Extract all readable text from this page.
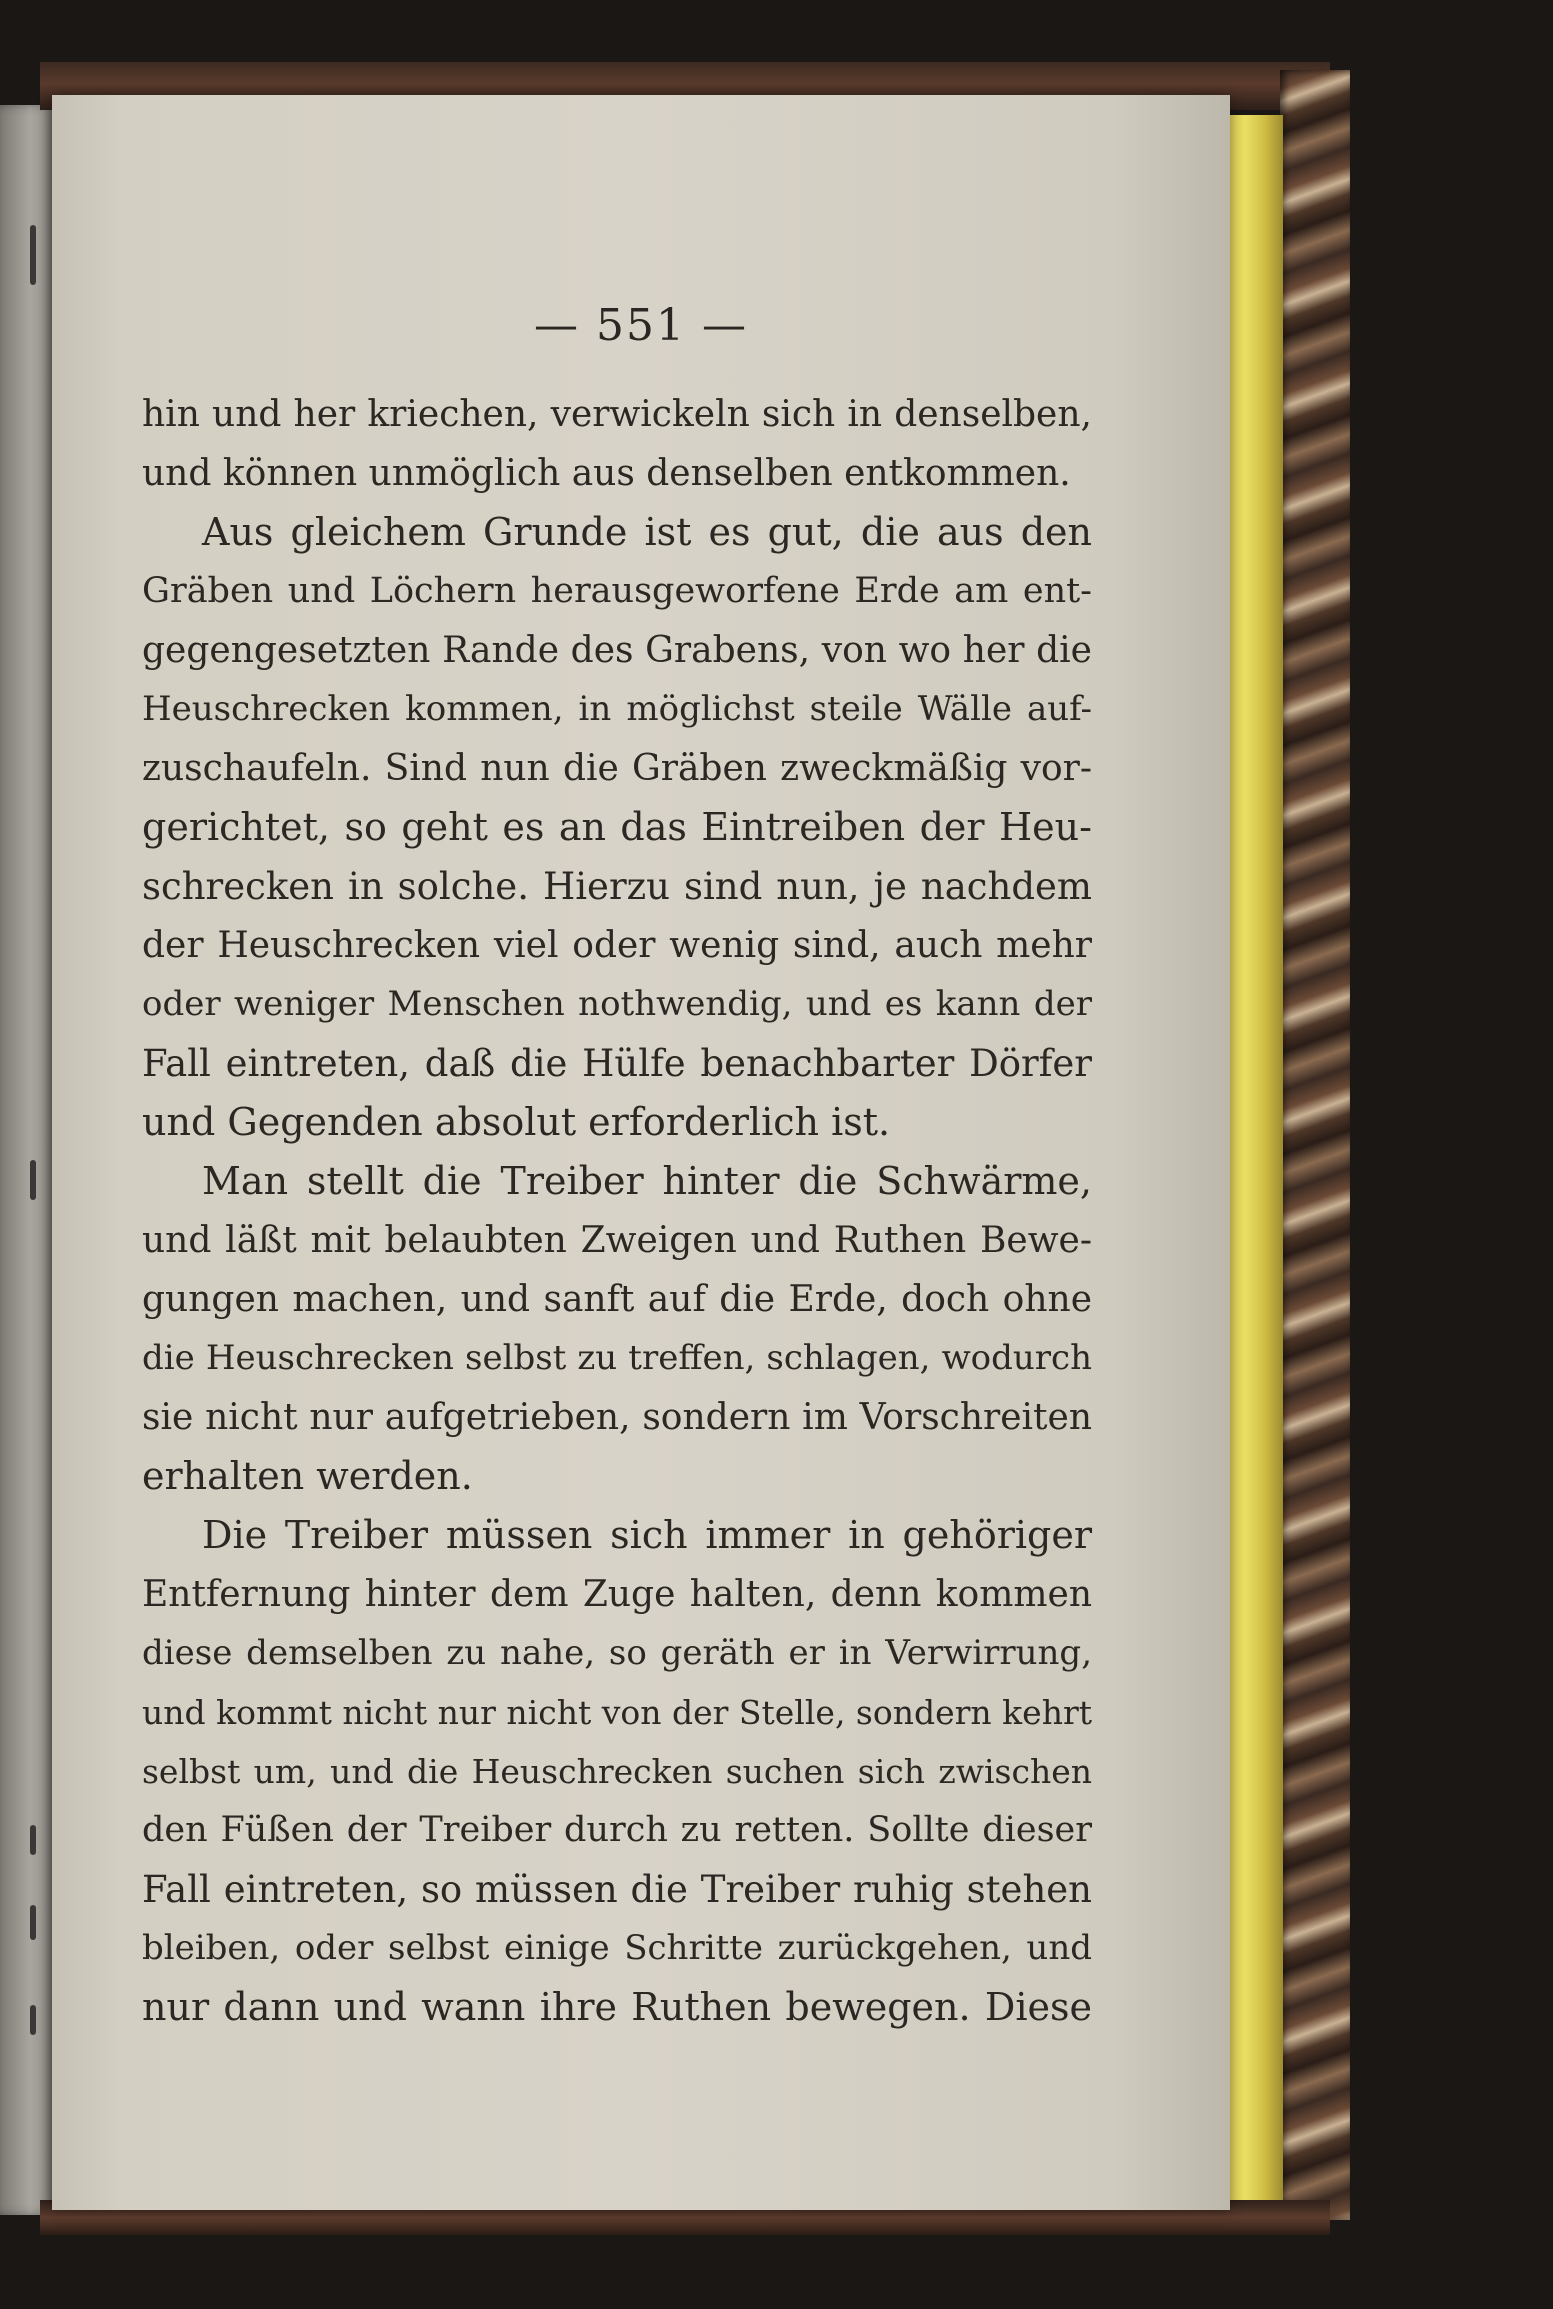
— 551 —
hin und her kriechen, verwickeln sich in denselben,
und können unmöglich aus denselben entkommen.
Aus gleichem Grunde ist es gut, die aus den
Gräben und Löchern herausgeworfene Erde am ent-
gegengesetzten Rande des Grabens, von wo her die
Heuschrecken kommen, in möglichst steile Wälle auf-
zuschaufeln. Sind nun die Gräben zweckmäßig vor-
gerichtet, so geht es an das Eintreiben der Heu-
schrecken in solche. Hierzu sind nun, je nachdem
der Heuschrecken viel oder wenig sind, auch mehr
oder weniger Menschen nothwendig, und es kann der
Fall eintreten, daß die Hülfe benachbarter Dörfer
und Gegenden absolut erforderlich ist.
Man stellt die Treiber hinter die Schwärme,
und läßt mit belaubten Zweigen und Ruthen Bewe-
gungen machen, und sanft auf die Erde, doch ohne
die Heuschrecken selbst zu treffen, schlagen, wodurch
sie nicht nur aufgetrieben, sondern im Vorschreiten
erhalten werden.
Die Treiber müssen sich immer in gehöriger
Entfernung hinter dem Zuge halten, denn kommen
diese demselben zu nahe, so geräth er in Verwirrung,
und kommt nicht nur nicht von der Stelle, sondern kehrt
selbst um, und die Heuschrecken suchen sich zwischen
den Füßen der Treiber durch zu retten. Sollte dieser
Fall eintreten, so müssen die Treiber ruhig stehen
bleiben, oder selbst einige Schritte zurückgehen, und
nur dann und wann ihre Ruthen bewegen. Diese
